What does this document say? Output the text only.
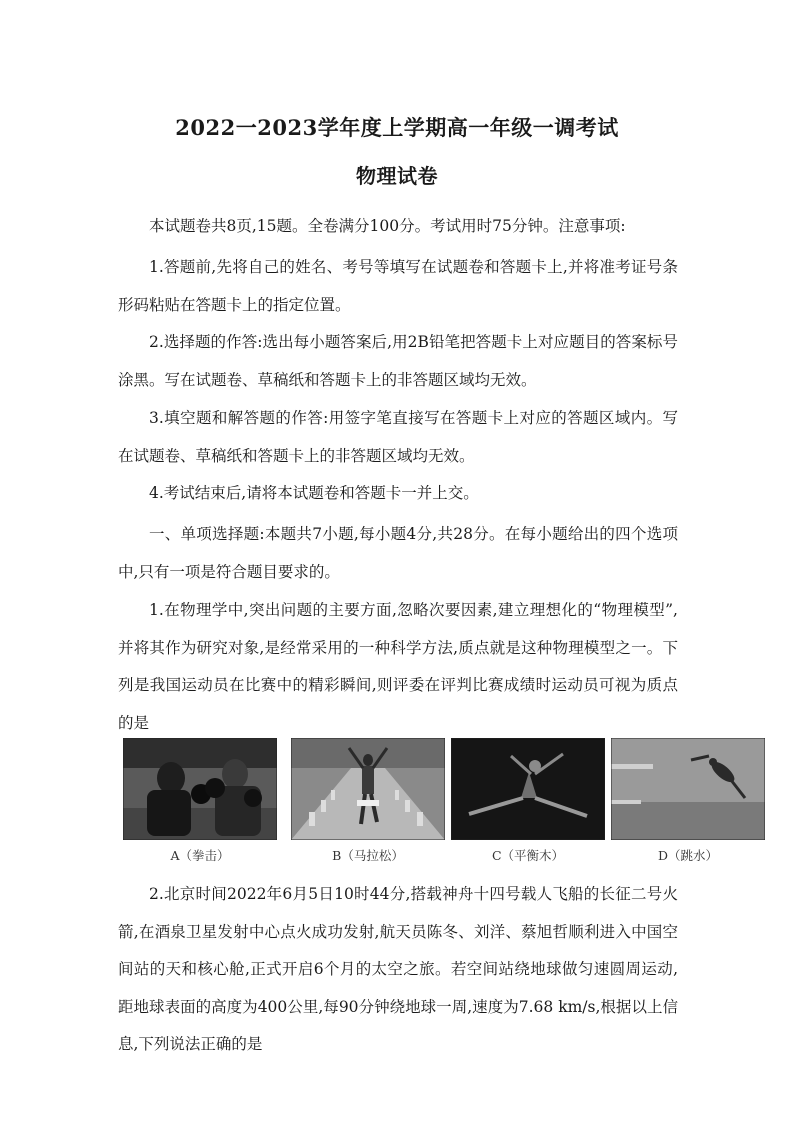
2022一2023学年度上学期高一年级一调考试
物理试卷

本试题卷共8页,15题。全卷满分100分。考试用时75分钟。注意事项:

1.答题前,先将自己的姓名、考号等填写在试题卷和答题卡上,并将准考证号条形码粘贴在答题卡上的指定位置。

2.选择题的作答:选出每小题答案后,用2B铅笔把答题卡上对应题目的答案标号涂黑。写在试题卷、草稿纸和答题卡上的非答题区域均无效。

3.填空题和解答题的作答:用签字笔直接写在答题卡上对应的答题区域内。写在试题卷、草稿纸和答题卡上的非答题区域均无效。

4.考试结束后,请将本试题卷和答题卡一并上交。

一、单项选择题:本题共7小题,每小题4分,共28分。在每小题给出的四个选项中,只有一项是符合题目要求的。

1.在物理学中,突出问题的主要方面,忽略次要因素,建立理想化的“物理模型”,并将其作为研究对象,是经常采用的一种科学方法,质点就是这种物理模型之一。下列是我国运动员在比赛中的精彩瞬间,则评委在评判比赛成绩时运动员可视为质点的是

A（拳击）	B（马拉松）	C（平衡木）	D（跳水）

2.北京时间2022年6月5日10时44分,搭载神舟十四号载人飞船的长征二号火箭,在酒泉卫星发射中心点火成功发射,航天员陈冬、刘洋、蔡旭哲顺利进入中国空间站的天和核心舱,正式开启6个月的太空之旅。若空间站绕地球做匀速圆周运动,距地球表面的高度为400公里,每90分钟绕地球一周,速度为7.68 km/s,根据以上信息,下列说法正确的是
